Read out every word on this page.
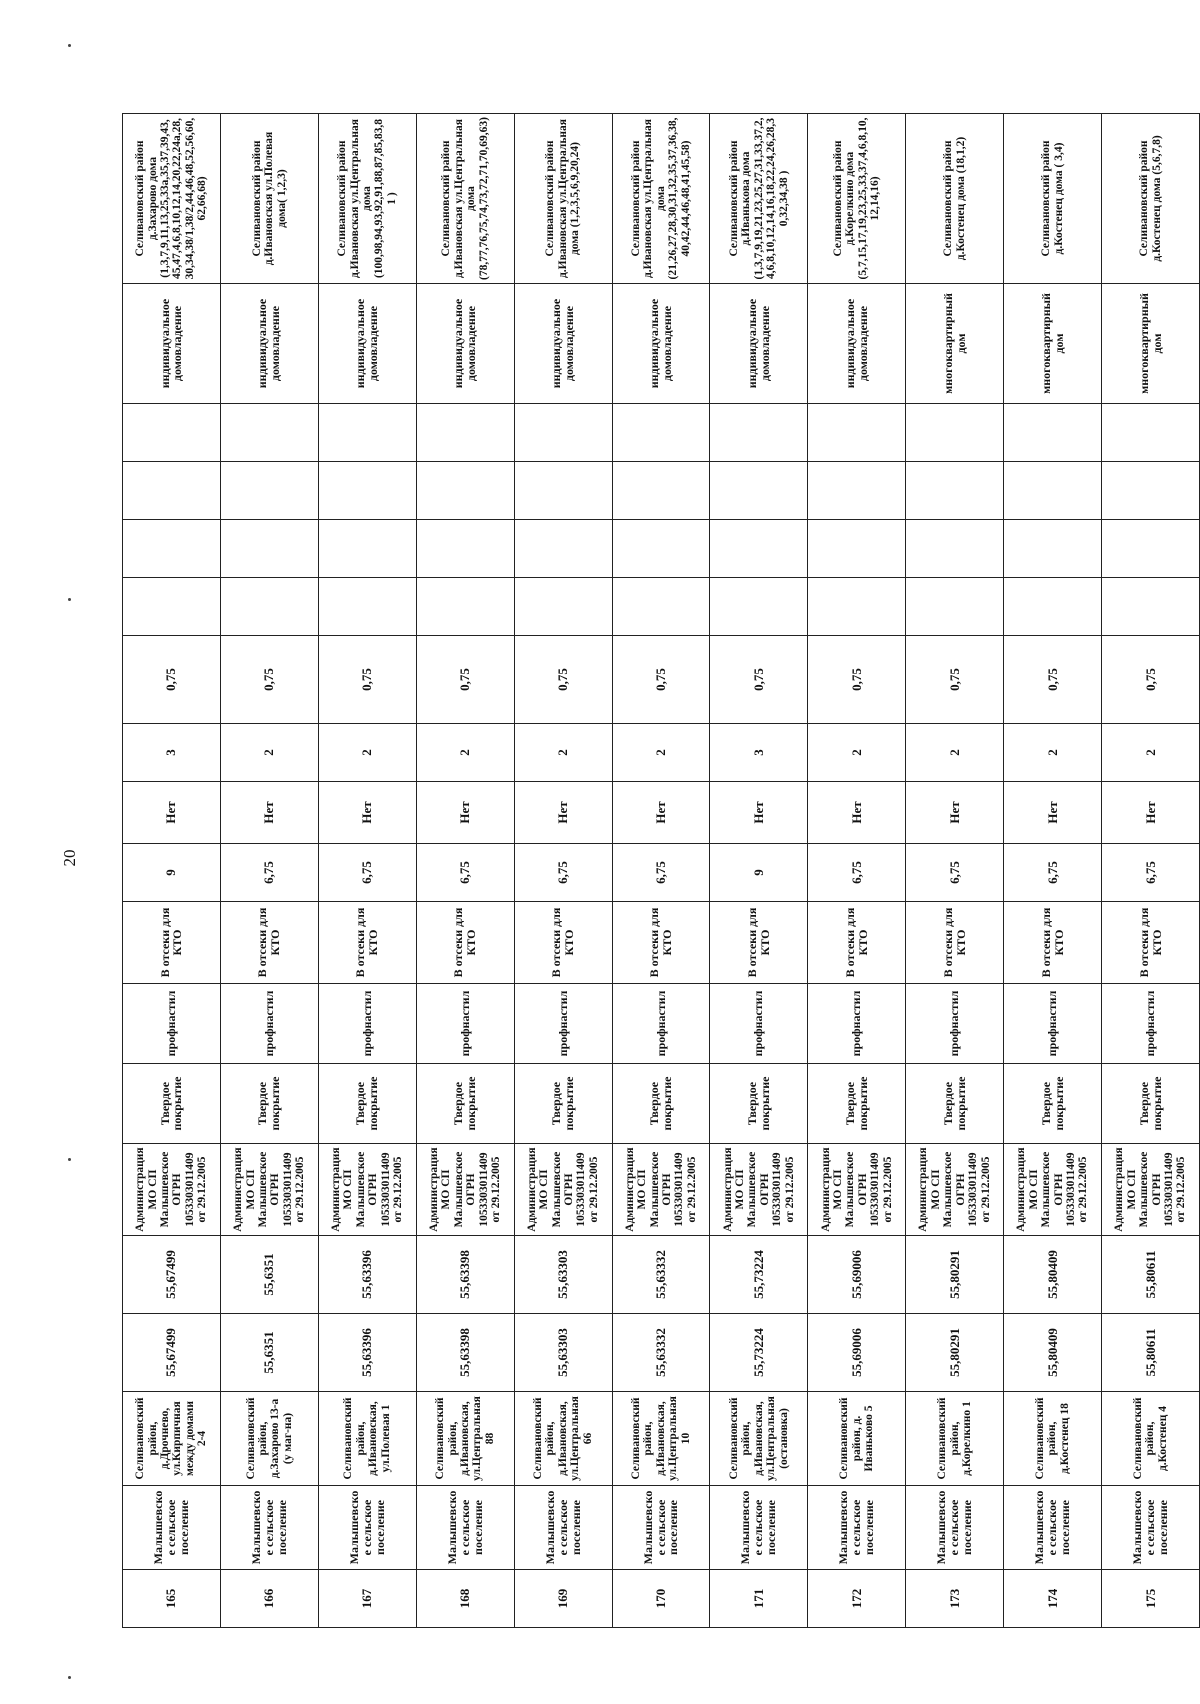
20
165	Малышевское сельское поселение	Селивановский район, д.Дрочнево, ул.Кирпичная между домами 2-4	55,67499	55,67499	Администрация МО СП Малышевское ОГРН 1053303011409 от 29.12.2005	Твердое покрытие	профнастил	В отсеки для КТО	9	Нет	3	0,75					индивидуальное домовладение	Селивановский район д.Захарово дома (1,3,7,9,11,13,25,33а,35,37,39,43,45,47,4,6,8,10,12,14,20,22,24а,28,30,34,38/1,38/2,44,46,48,52,56,60,62,66,68)
166	Малышевское сельское поселение	Селивановский район, д.Захарово 13-а (у маг-на)	55,6351	55,6351	Администрация МО СП Малышевское ОГРН 1053303011409 от 29.12.2005	Твердое покрытие	профнастил	В отсеки для КТО	6,75	Нет	2	0,75					индивидуальное домовладение	Селивановский район д.Ивановская ул.Полевая дома( 1,2,3)
167	Малышевское сельское поселение	Селивановский район, д.Ивановская, ул.Полевая 1	55,63396	55,63396	Администрация МО СП Малышевское ОГРН 1053303011409 от 29.12.2005	Твердое покрытие	профнастил	В отсеки для КТО	6,75	Нет	2	0,75					индивидуальное домовладение	Селивановский район д.Ивановская ул.Центральная дома (100,98,94,93,92,91,88,87,85,83,81 )
168	Малышевское сельское поселение	Селивановский район, д.Ивановская, ул.Центральная 88	55,63398	55,63398	Администрация МО СП Малышевское ОГРН 1053303011409 от 29.12.2005	Твердое покрытие	профнастил	В отсеки для КТО	6,75	Нет	2	0,75					индивидуальное домовладение	Селивановский район д.Ивановская ул.Центральная дома (78,77,76,75,74,73,72,71,70,69,63)
169	Малышевское сельское поселение	Селивановский район, д.Ивановская, ул.Центральная 66	55,63303	55,63303	Администрация МО СП Малышевское ОГРН 1053303011409 от 29.12.2005	Твердое покрытие	профнастил	В отсеки для КТО	6,75	Нет	2	0,75					индивидуальное домовладение	Селивановский район д.Ивановская ул.Центральная дома (1,2,3,5,6,9,20,24)
170	Малышевское сельское поселение	Селивановский район, д.Ивановская, ул.Центральная 10	55,63332	55,63332	Администрация МО СП Малышевское ОГРН 1053303011409 от 29.12.2005	Твердое покрытие	профнастил	В отсеки для КТО	6,75	Нет	2	0,75					индивидуальное домовладение	Селивановский район д.Ивановская ул.Центральная дома (21,26,27,28,30,31,32,35,37,36,38,40,42,44,46,48,41,45,58)
171	Малышевское сельское поселение	Селивановский район, д.Ивановская, ул.Центральная (остановка)	55,73224	55,73224	Администрация МО СП Малышевское ОГРН 1053303011409 от 29.12.2005	Твердое покрытие	профнастил	В отсеки для КТО	9	Нет	3	0,75					индивидуальное домовладение	Селивановский район д.Иванькова дома (1,3,7,9,19,21,23,25,27,31,33,37,2,4,6,8,10,12,14,16,18,22,24,26,28,30,32,34,38 )
172	Малышевское сельское поселение	Селивановский район, д. Иваньково 5	55,69006	55,69006	Администрация МО СП Малышевское ОГРН 1053303011409 от 29.12.2005	Твердое покрытие	профнастил	В отсеки для КТО	6,75	Нет	2	0,75					индивидуальное домовладение	Селивановский район д.Корелкино дома (5,7,15,17,19,23,25,33,37,4,6,8,10,12,14,16)
173	Малышевское сельское поселение	Селивановский район, д.Корелкино 1	55,80291	55,80291	Администрация МО СП Малышевское ОГРН 1053303011409 от 29.12.2005	Твердое покрытие	профнастил	В отсеки для КТО	6,75	Нет	2	0,75					многоквартирный дом	Селивановский район д.Костенец дома (18,1,2)
174	Малышевское сельское поселение	Селивановский район, д.Костенец 18	55,80409	55,80409	Администрация МО СП Малышевское ОГРН 1053303011409 от 29.12.2005	Твердое покрытие	профнастил	В отсеки для КТО	6,75	Нет	2	0,75					многоквартирный дом	Селивановский район д.Костенец дома ( 3,4)
175	Малышевское сельское поселение	Селивановский район, д.Костенец 4	55,80611	55,80611	Администрация МО СП Малышевское ОГРН 1053303011409 от 29.12.2005	Твердое покрытие	профнастил	В отсеки для КТО	6,75	Нет	2	0,75					многоквартирный дом	Селивановский район д.Костенец дома (5,6,7,8)
